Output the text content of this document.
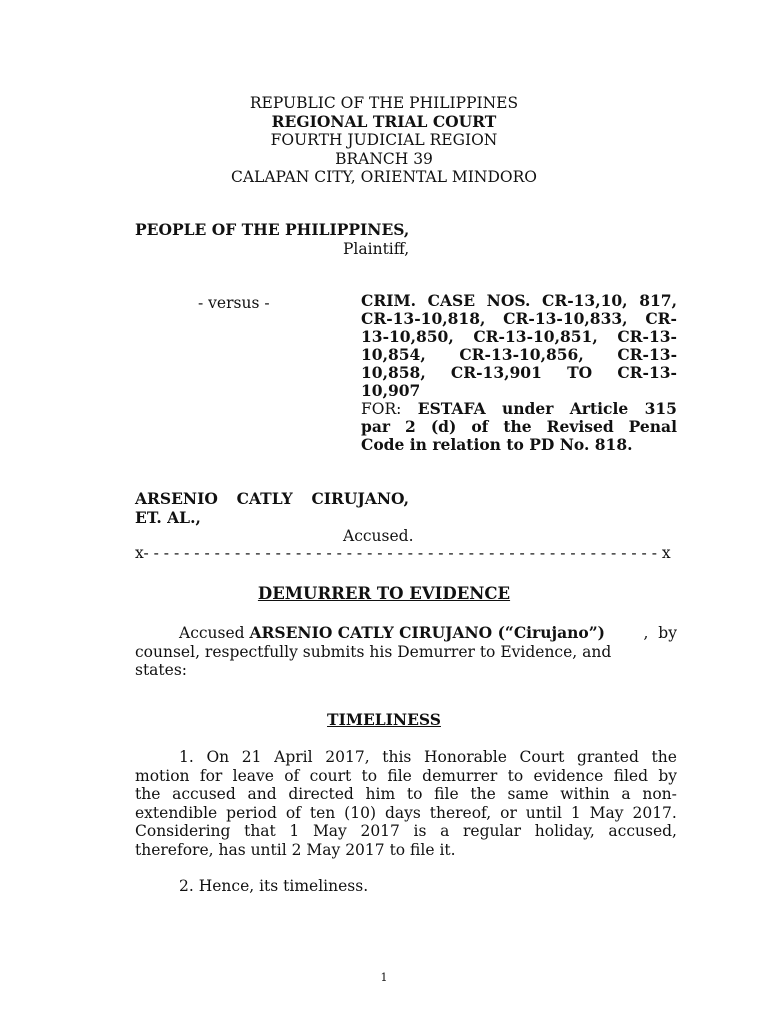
REPUBLIC OF THE PHILIPPINES
REGIONAL TRIAL COURT
FOURTH JUDICIAL REGION
BRANCH 39
CALAPAN CITY, ORIENTAL MINDORO
PEOPLE OF THE PHILIPPINES,
Plaintiff,
- versus -	CRIM. CASE NOS. CR-13,10, 817,
CR-13-10,818, CR-13-10,833, CR-
13-10,850, CR-13-10,851, CR-13-
10,854, CR-13-10,856, CR-13-
10,858, CR-13,901 TO CR-13-
10,907
FOR: ESTAFA under Article 315
par 2 (d) of the Revised Penal
Code in relation to PD No. 818.
ARSENIO CATLY CIRUJANO,
ET. AL.,
Accused.
x- - - - - - - - - - - - - - - - - - - - - - - - - - - - - - - - - - - - - - - - - - - - - - - - - - - x
DEMURRER TO EVIDENCE
Accused ARSENIO CATLY CIRUJANO (“Cirujano”) ,  by
counsel, respectfully submits his Demurrer to Evidence, and
states:
TIMELINESS
1. On 21 April 2017, this Honorable Court granted the
motion for leave of court to file demurrer to evidence filed by
the accused and directed him to file the same within a non-
extendible period of ten (10) days thereof, or until 1 May 2017.
Considering that 1 May 2017 is a regular holiday, accused,
therefore, has until 2 May 2017 to file it.
2. Hence, its timeliness.
1
